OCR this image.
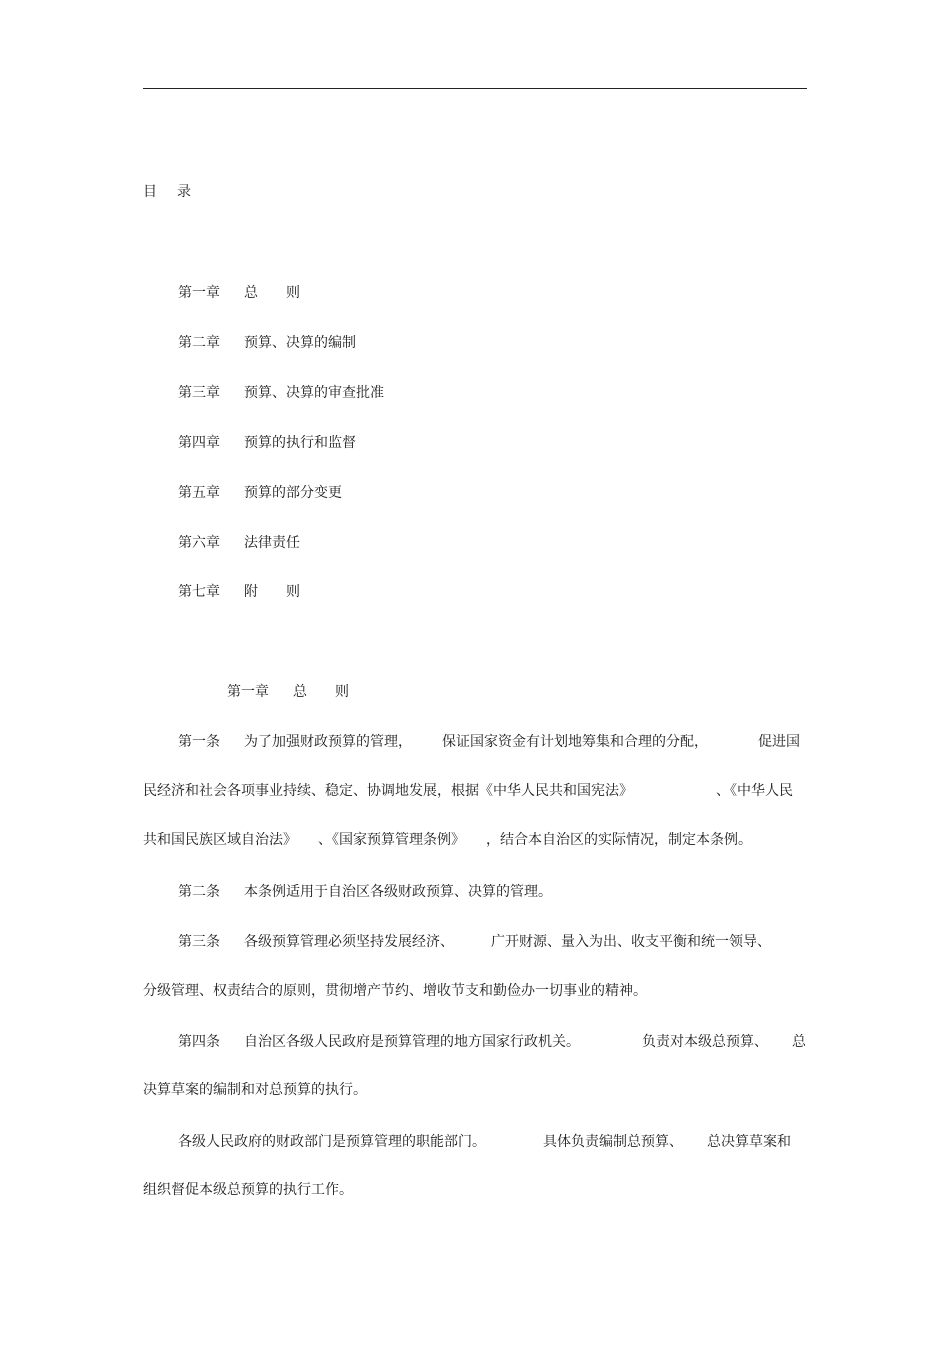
目 录
第一章 总　　则
第二章 预算、决算的编制
第三章 预算、决算的审查批准
第四章 预算的执行和监督
第五章 预算的部分变更
第六章 法律责任
第七章 附　　则
第一章 总　　则
第一条 为了加强财政预算的管理， 保证国家资金有计划地筹集和合理的分配，	促进国
民经济和社会各项事业持续、稳定、协调地发展，根据《中华人民共和国宪法》	、《中华人民
共和国民族区域自治法》 、《国家预算管理条例》 ，结合本自治区的实际情况，制定本条例。
第二条 本条例适用于自治区各级财政预算、决算的管理。
第三条 各级预算管理必须坚持发展经济、	广开财源、量入为出、收支平衡和统一领导、
分级管理、权责结合的原则，贯彻增产节约、增收节支和勤俭办一切事业的精神。
第四条 自治区各级人民政府是预算管理的地方国家行政机关。	负责对本级总预算、 总
决算草案的编制和对总预算的执行。
各级人民政府的财政部门是预算管理的职能部门。	具体负责编制总预算、 总决算草案和
组织督促本级总预算的执行工作。
